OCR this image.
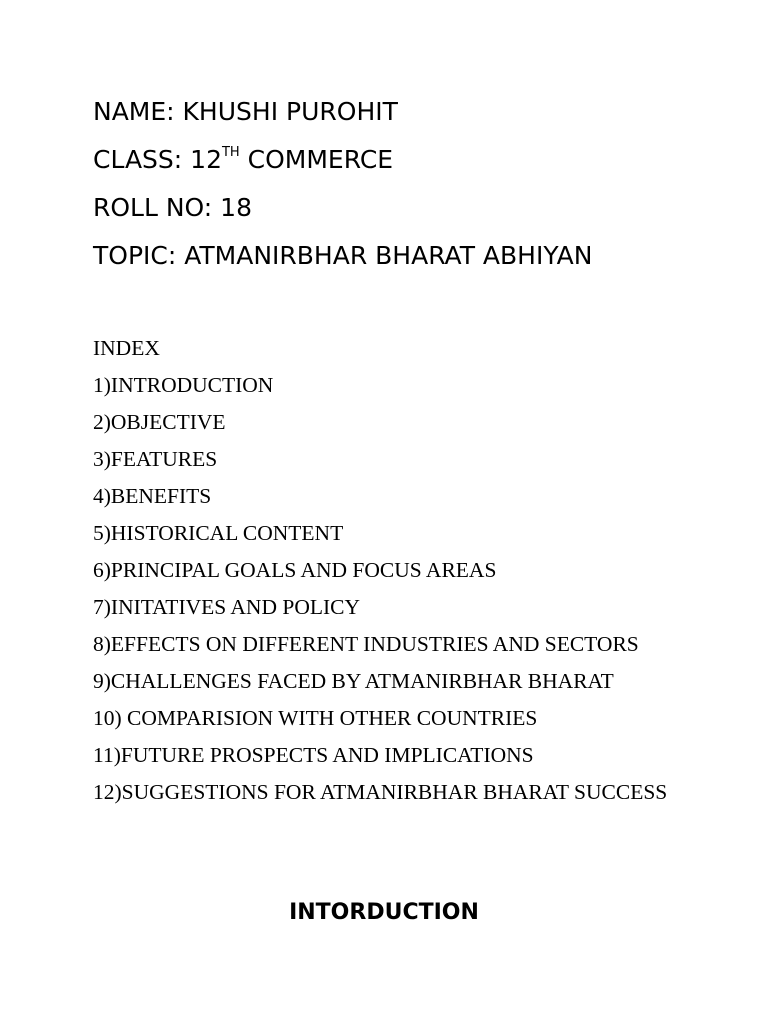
NAME: KHUSHI PUROHIT
CLASS: 12TH COMMERCE
ROLL NO: 18
TOPIC: ATMANIRBHAR BHARAT ABHIYAN
INDEX
1)INTRODUCTION
2)OBJECTIVE
3)FEATURES
4)BENEFITS
5)HISTORICAL CONTENT
6)PRINCIPAL GOALS AND FOCUS AREAS
7)INITATIVES AND POLICY
8)EFFECTS ON DIFFERENT INDUSTRIES AND SECTORS
9)CHALLENGES FACED BY ATMANIRBHAR BHARAT
10) COMPARISION WITH OTHER COUNTRIES
11)FUTURE PROSPECTS AND IMPLICATIONS
12)SUGGESTIONS FOR ATMANIRBHAR BHARAT SUCCESS
INTORDUCTION
